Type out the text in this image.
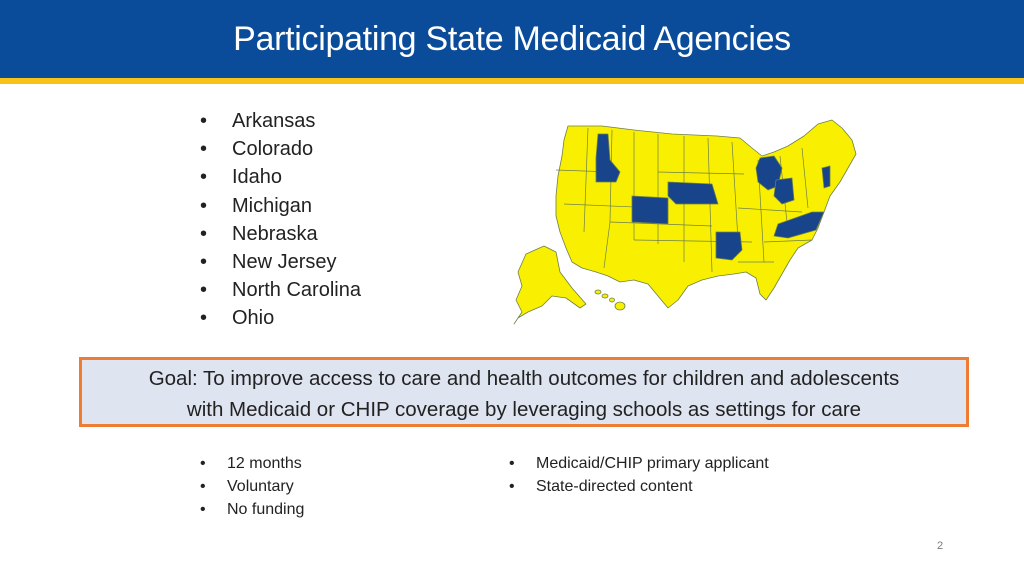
Participating State Medicaid Agencies
• Arkansas
• Colorado
• Idaho
• Michigan
• Nebraska
• New Jersey
• North Carolina
• Ohio
Goal: To improve access to care and health outcomes for children and adolescents
with Medicaid or CHIP coverage by leveraging schools as settings for care
• 12 months
• Voluntary
• No funding
• Medicaid/CHIP primary applicant
• State-directed content
2
